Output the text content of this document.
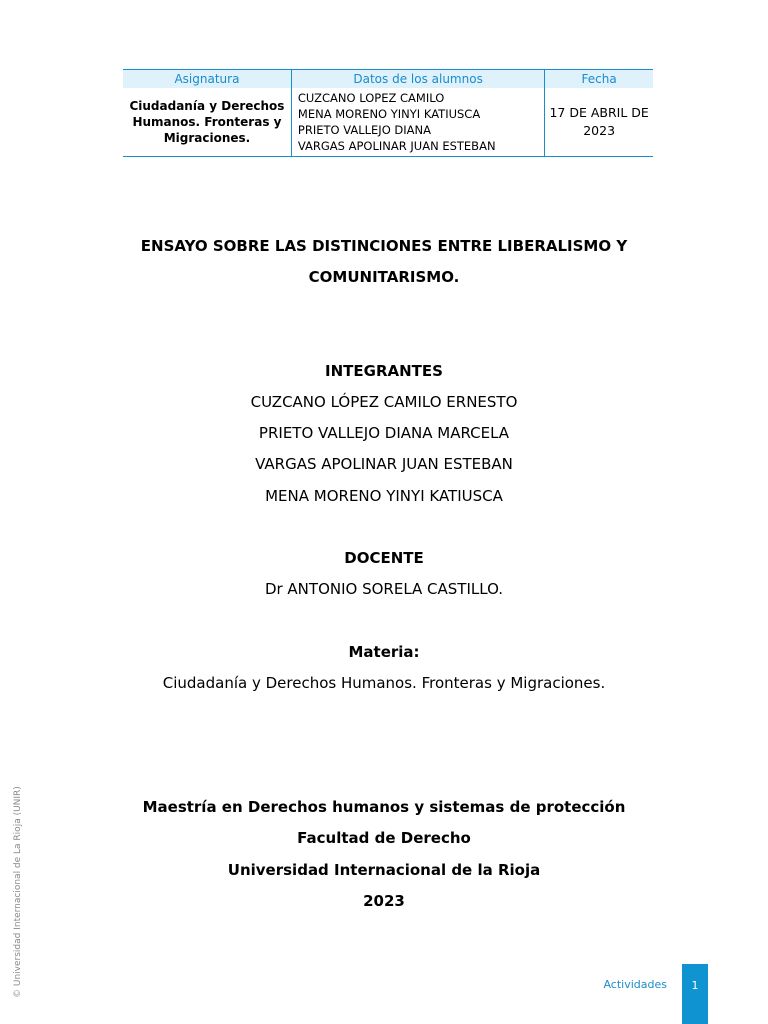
Asignatura	Datos de los alumnos	Fecha
Ciudadanía y Derechos Humanos. Fronteras y Migraciones.	CUZCANO LOPEZ CAMILO
MENA MORENO YINYI KATIUSCA
PRIETO VALLEJO DIANA
VARGAS APOLINAR JUAN ESTEBAN	17 DE ABRIL DE 2023
ENSAYO SOBRE LAS DISTINCIONES ENTRE LIBERALISMO Y
COMUNITARISMO.
INTEGRANTES
CUZCANO LÓPEZ CAMILO ERNESTO
PRIETO VALLEJO DIANA MARCELA
VARGAS APOLINAR JUAN ESTEBAN
MENA MORENO YINYI KATIUSCA
DOCENTE
Dr ANTONIO SORELA CASTILLO.
Materia:
Ciudadanía y Derechos Humanos. Fronteras y Migraciones.
Maestría en Derechos humanos y sistemas de protección
Facultad de Derecho
Universidad Internacional de la Rioja
2023
© Universidad Internacional de La Rioja (UNIR)	Actividades	1
